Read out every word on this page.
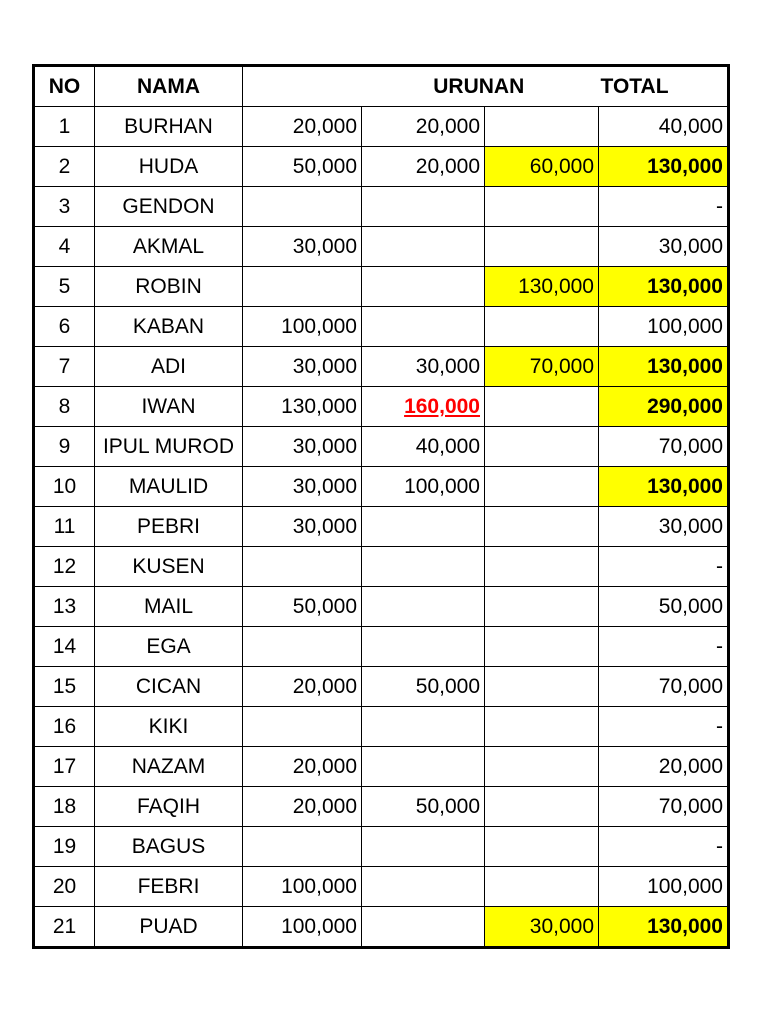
NO	NAMA	URUNAN			TOTAL
1	BURHAN	20,000	20,000		40,000
2	HUDA	50,000	20,000	60,000	130,000
3	GENDON				-
4	AKMAL	30,000			30,000
5	ROBIN			130,000	130,000
6	KABAN	100,000			100,000
7	ADI	30,000	30,000	70,000	130,000
8	IWAN	130,000	160,000		290,000
9	IPUL MUROD	30,000	40,000		70,000
10	MAULID	30,000	100,000		130,000
11	PEBRI	30,000			30,000
12	KUSEN				-
13	MAIL	50,000			50,000
14	EGA				-
15	CICAN	20,000	50,000		70,000
16	KIKI				-
17	NAZAM	20,000			20,000
18	FAQIH	20,000	50,000		70,000
19	BAGUS				-
20	FEBRI	100,000			100,000
21	PUAD	100,000		30,000	130,000
